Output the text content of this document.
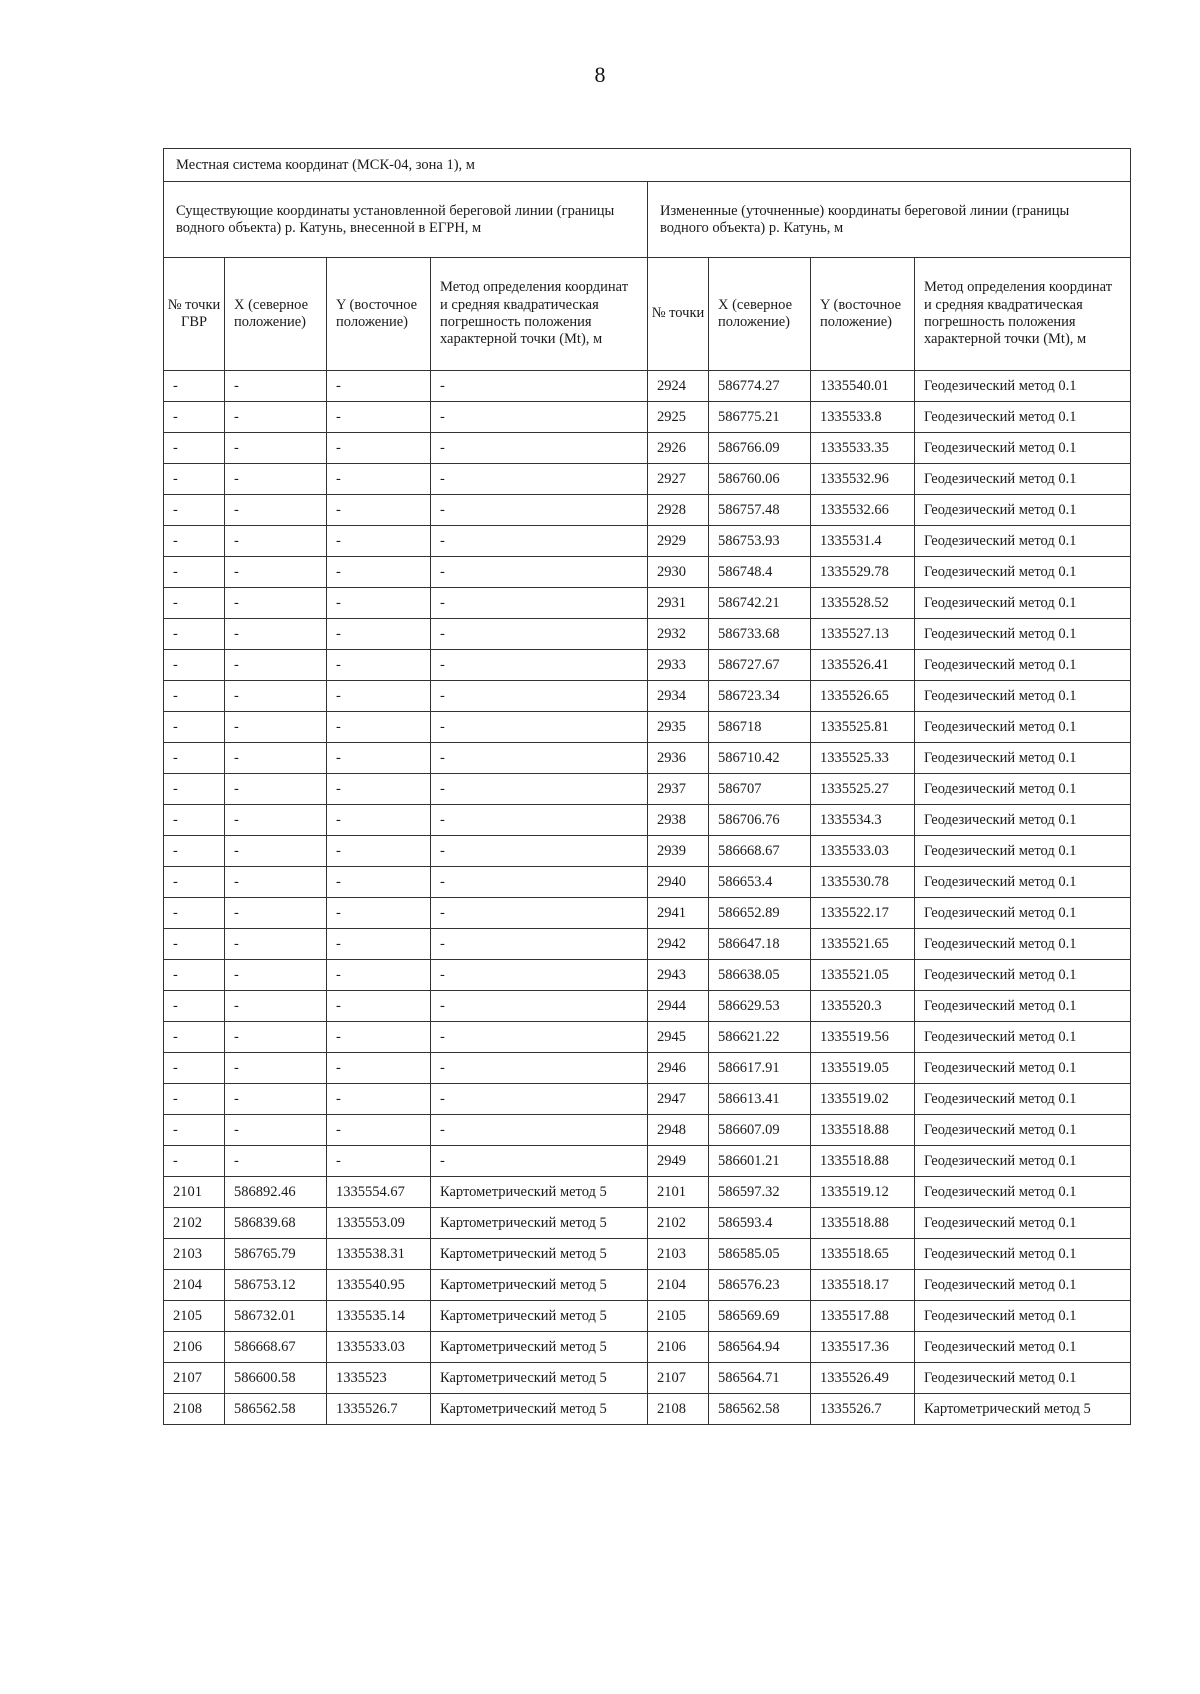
8
Местная система координат (МСК-04, зона 1), м							
Существующие координаты установленной береговой линии (границы водного объекта) р. Катунь, внесенной в ЕГРН, м				Измененные (уточненные) координаты береговой линии (границы водного объекта) р. Катунь, м			
№ точки ГВР	X (северное положение)	Y (восточное положение)	Метод определения координат и средняя квадратическая погрешность положения характерной точки (Mt), м	№ точки	X (северное положение)	Y (восточное положение)	Метод определения координат и средняя квадратическая погрешность положения характерной точки (Mt), м
-	-	-	-	2924	586774.27	1335540.01	Геодезический метод 0.1
-	-	-	-	2925	586775.21	1335533.8	Геодезический метод 0.1
-	-	-	-	2926	586766.09	1335533.35	Геодезический метод 0.1
-	-	-	-	2927	586760.06	1335532.96	Геодезический метод 0.1
-	-	-	-	2928	586757.48	1335532.66	Геодезический метод 0.1
-	-	-	-	2929	586753.93	1335531.4	Геодезический метод 0.1
-	-	-	-	2930	586748.4	1335529.78	Геодезический метод 0.1
-	-	-	-	2931	586742.21	1335528.52	Геодезический метод 0.1
-	-	-	-	2932	586733.68	1335527.13	Геодезический метод 0.1
-	-	-	-	2933	586727.67	1335526.41	Геодезический метод 0.1
-	-	-	-	2934	586723.34	1335526.65	Геодезический метод 0.1
-	-	-	-	2935	586718	1335525.81	Геодезический метод 0.1
-	-	-	-	2936	586710.42	1335525.33	Геодезический метод 0.1
-	-	-	-	2937	586707	1335525.27	Геодезический метод 0.1
-	-	-	-	2938	586706.76	1335534.3	Геодезический метод 0.1
-	-	-	-	2939	586668.67	1335533.03	Геодезический метод 0.1
-	-	-	-	2940	586653.4	1335530.78	Геодезический метод 0.1
-	-	-	-	2941	586652.89	1335522.17	Геодезический метод 0.1
-	-	-	-	2942	586647.18	1335521.65	Геодезический метод 0.1
-	-	-	-	2943	586638.05	1335521.05	Геодезический метод 0.1
-	-	-	-	2944	586629.53	1335520.3	Геодезический метод 0.1
-	-	-	-	2945	586621.22	1335519.56	Геодезический метод 0.1
-	-	-	-	2946	586617.91	1335519.05	Геодезический метод 0.1
-	-	-	-	2947	586613.41	1335519.02	Геодезический метод 0.1
-	-	-	-	2948	586607.09	1335518.88	Геодезический метод 0.1
-	-	-	-	2949	586601.21	1335518.88	Геодезический метод 0.1
2101	586892.46	1335554.67	Картометрический метод 5	2101	586597.32	1335519.12	Геодезический метод 0.1
2102	586839.68	1335553.09	Картометрический метод 5	2102	586593.4	1335518.88	Геодезический метод 0.1
2103	586765.79	1335538.31	Картометрический метод 5	2103	586585.05	1335518.65	Геодезический метод 0.1
2104	586753.12	1335540.95	Картометрический метод 5	2104	586576.23	1335518.17	Геодезический метод 0.1
2105	586732.01	1335535.14	Картометрический метод 5	2105	586569.69	1335517.88	Геодезический метод 0.1
2106	586668.67	1335533.03	Картометрический метод 5	2106	586564.94	1335517.36	Геодезический метод 0.1
2107	586600.58	1335523	Картометрический метод 5	2107	586564.71	1335526.49	Геодезический метод 0.1
2108	586562.58	1335526.7	Картометрический метод 5	2108	586562.58	1335526.7	Картометрический метод 5
